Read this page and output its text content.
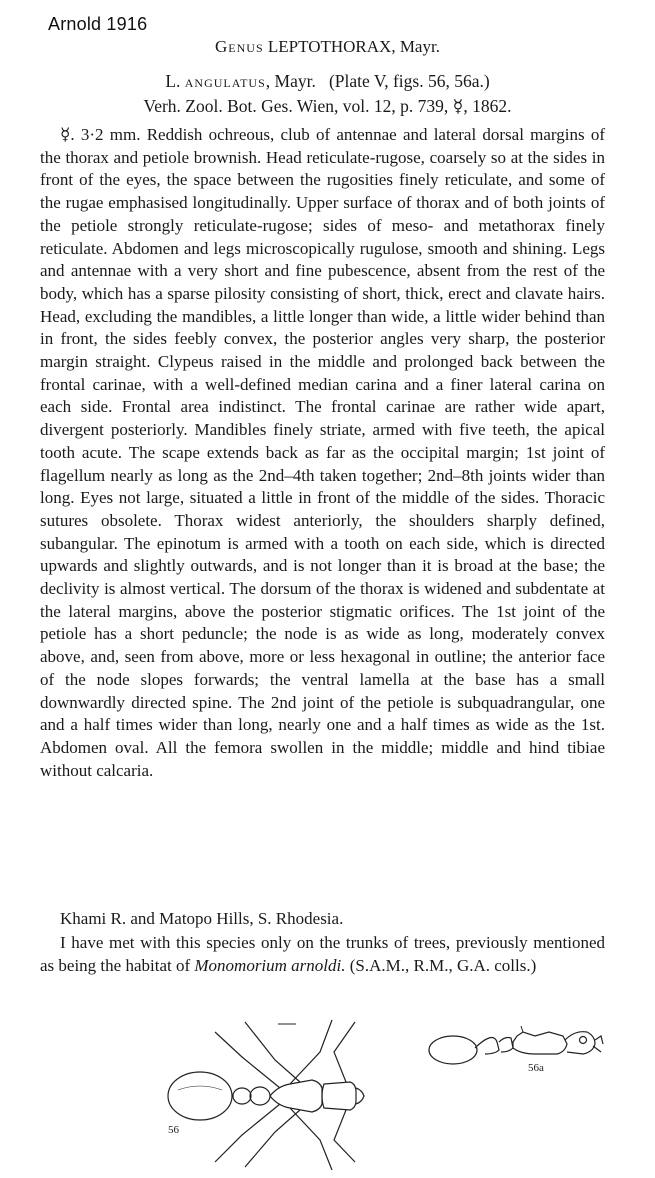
Arnold 1916
Genus LEPTOTHORAX, Mayr.
L. angulatus, Mayr.   (Plate V, figs. 56, 56a.)
Verh. Zool. Bot. Ges. Wien, vol. 12, p. 739, ☿, 1862.
☿. 3·2 mm. Reddish ochreous, club of antennae and lateral dorsal margins of the thorax and petiole brownish. Head reticulate-rugose, coarsely so at the sides in front of the eyes, the space between the rugosities finely reticulate, and some of the rugae emphasised longitudinally. Upper surface of thorax and of both joints of the petiole strongly reticulate-rugose; sides of meso- and metathorax finely reticulate. Abdomen and legs microscopically rugulose, smooth and shining. Legs and antennae with a very short and fine pubescence, absent from the rest of the body, which has a sparse pilosity consisting of short, thick, erect and clavate hairs. Head, excluding the mandibles, a little longer than wide, a little wider behind than in front, the sides feebly convex, the posterior angles very sharp, the posterior margin straight. Clypeus raised in the middle and prolonged back between the frontal carinae, with a well-defined median carina and a finer lateral carina on each side. Frontal area indistinct. The frontal carinae are rather wide apart, divergent posteriorly. Mandibles finely striate, armed with five teeth, the apical tooth acute. The scape extends back as far as the occipital margin; 1st joint of flagellum nearly as long as the 2nd–4th taken together; 2nd–8th joints wider than long. Eyes not large, situated a little in front of the middle of the sides. Thoracic sutures obsolete. Thorax widest anteriorly, the shoulders sharply defined, subangular. The epinotum is armed with a tooth on each side, which is directed upwards and slightly outwards, and is not longer than it is broad at the base; the declivity is almost vertical. The dorsum of the thorax is widened and subdentate at the lateral margins, above the posterior stigmatic orifices. The 1st joint of the petiole has a short peduncle; the node is as wide as long, moderately convex above, and, seen from above, more or less hexagonal in outline; the anterior face of the node slopes forwards; the ventral lamella at the base has a small downwardly directed spine. The 2nd joint of the petiole is subquadrangular, one and a half times wider than long, nearly one and a half times as wide as the 1st. Abdomen oval. All the femora swollen in the middle; middle and hind tibiae without calcaria.
Khami R. and Matopo Hills, S. Rhodesia.
I have met with this species only on the trunks of trees, previously mentioned as being the habitat of Monomorium arnoldi. (S.A.M., R.M., G.A. colls.)
56
56a
